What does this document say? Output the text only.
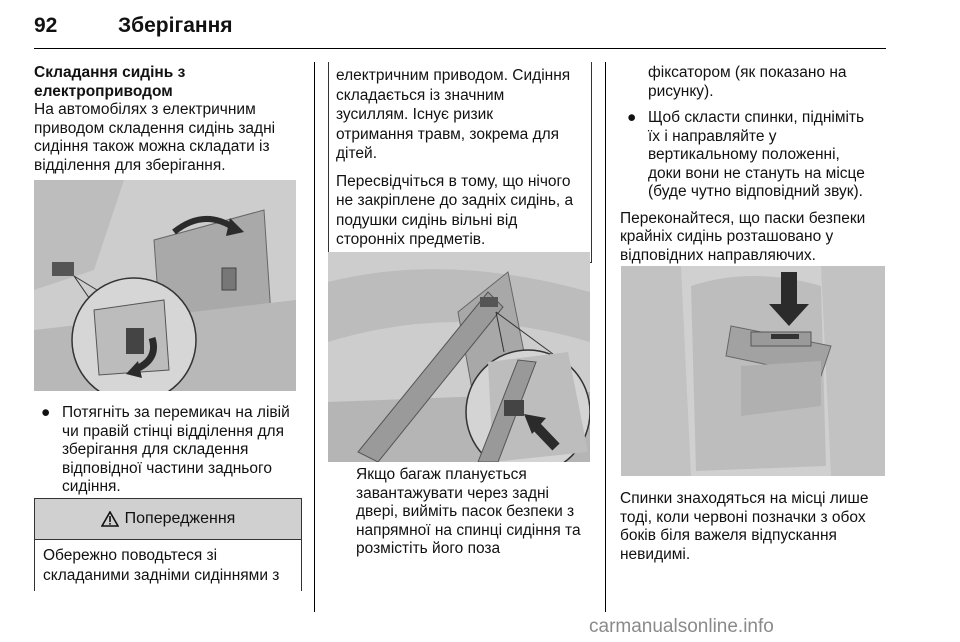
92	Зберігання

Складання сидінь з
електроприводом

На автомобілях з електричним
приводом складення сидінь задні
сидіння також можна складати із
відділення для зберігання.

● Потягніть за перемикач на лівій
чи правій стінці відділення для
зберігання для складення
відповідної частини заднього
сидіння.
Попередження
Обережно поводьтеся зі
складаними задніми сидіннями з

електричним приводом. Сидіння
складається із значним
зусиллям. Існує ризик
отримання травм, зокрема для
дітей.

Пересвідчіться в тому, що нічого
не закріплене до задніх сидінь, а
подушки сидінь вільні від
сторонніх предметів.

Якщо багаж планується
завантажувати через задні
двері, вийміть пасок безпеки з
напрямної на спинці сидіння та
розмістіть його поза

фіксатором (як показано на
рисунку).

● Щоб скласти спинки, підніміть
їх і направляйте у
вертикальному положенні,
доки вони не стануть на місце
(буде чутно відповідний звук).

Переконайтеся, що паски безпеки
крайніх сидінь розташовано у
відповідних направляючих.

Спинки знаходяться на місці лише
тоді, коли червоні позначки з обох
боків біля важеля відпускання
невидимі.
carmanualsonline.info
